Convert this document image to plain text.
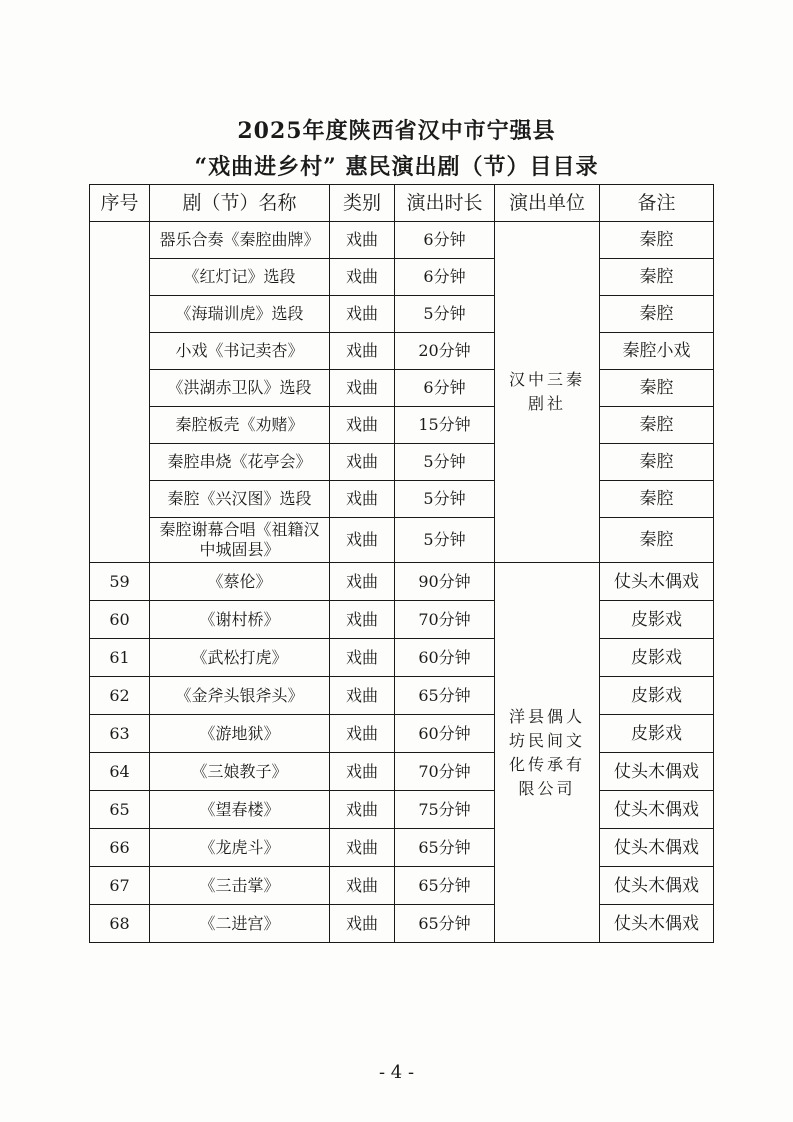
2025年度陕西省汉中市宁强县
“戏曲进乡村” 惠民演出剧（节）目目录
序号	剧（节）名称	类别	演出时长	演出单位	备注
	器乐合奏《秦腔曲牌》	戏曲	6分钟	汉中三秦剧社	秦腔
	《红灯记》选段	戏曲	6分钟		秦腔
	《海瑞训虎》选段	戏曲	5分钟		秦腔
	小戏《书记卖杏》	戏曲	20分钟		秦腔小戏
	《洪湖赤卫队》选段	戏曲	6分钟		秦腔
	秦腔板壳《劝赌》	戏曲	15分钟		秦腔
	秦腔串烧《花亭会》	戏曲	5分钟		秦腔
	秦腔《兴汉图》选段	戏曲	5分钟		秦腔
	秦腔谢幕合唱《祖籍汉中城固县》	戏曲	5分钟		秦腔
59	《蔡伦》	戏曲	90分钟	洋县偶人坊民间文化传承有限公司	仗头木偶戏
60	《谢村桥》	戏曲	70分钟		皮影戏
61	《武松打虎》	戏曲	60分钟		皮影戏
62	《金斧头银斧头》	戏曲	65分钟		皮影戏
63	《游地狱》	戏曲	60分钟		皮影戏
64	《三娘教子》	戏曲	70分钟		仗头木偶戏
65	《望春楼》	戏曲	75分钟		仗头木偶戏
66	《龙虎斗》	戏曲	65分钟		仗头木偶戏
67	《三击掌》	戏曲	65分钟		仗头木偶戏
68	《二进宫》	戏曲	65分钟		仗头木偶戏
- 4 -
